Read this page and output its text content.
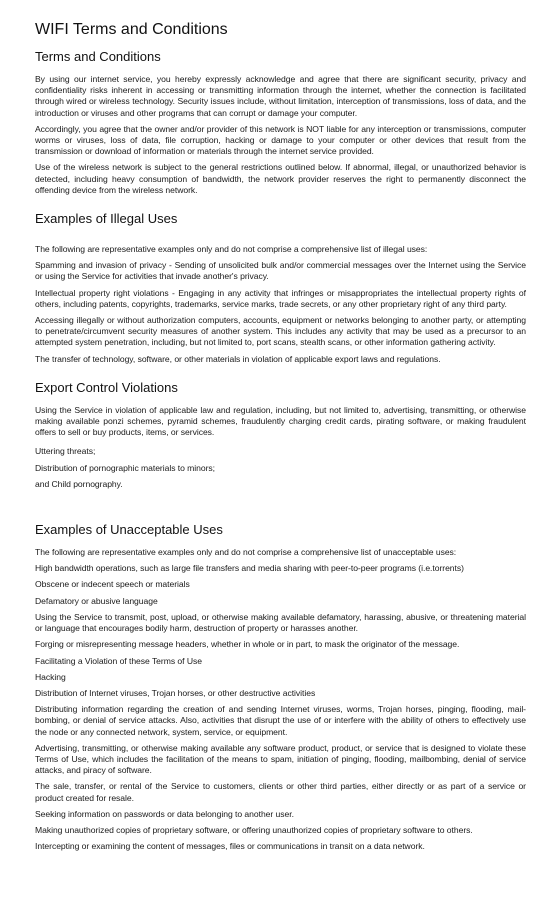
WIFI Terms and Conditions
Terms and Conditions

By using our internet service, you hereby expressly acknowledge and agree that there are significant security, privacy and confidentiality risks inherent in accessing or transmitting information through the internet, whether the connection is facilitated through wired or wireless technology. Security issues include, without limitation, interception of transmissions, loss of data, and the introduction or viruses and other programs that can corrupt or damage your computer.

Accordingly, you agree that the owner and/or provider of this network is NOT liable for any interception or transmissions, computer worms or viruses, loss of data, file corruption, hacking or damage to your computer or other devices that result from the transmission or download of information or materials through the internet service provided.

Use of the wireless network is subject to the general restrictions outlined below. If abnormal, illegal, or unauthorized behavior is detected, including heavy consumption of bandwidth, the network provider reserves the right to permanently disconnect the offending device from the wireless network.

Examples of Illegal Uses

The following are representative examples only and do not comprise a comprehensive list of illegal uses:

Spamming and invasion of privacy - Sending of unsolicited bulk and/or commercial messages over the Internet using the Service or using the Service for activities that invade another's privacy.

Intellectual property right violations - Engaging in any activity that infringes or misappropriates the intellectual property rights of others, including patents, copyrights, trademarks, service marks, trade secrets, or any other proprietary right of any third party.

Accessing illegally or without authorization computers, accounts, equipment or networks belonging to another party, or attempting to penetrate/circumvent security measures of another system. This includes any activity that may be used as a precursor to an attempted system penetration, including, but not limited to, port scans, stealth scans, or other information gathering activity.

The transfer of technology, software, or other materials in violation of applicable export laws and regulations.

Export Control Violations

Using the Service in violation of applicable law and regulation, including, but not limited to, advertising, transmitting, or otherwise making available ponzi schemes, pyramid schemes, fraudulently charging credit cards, pirating software, or making fraudulent offers to sell or buy products, items, or services.

Uttering threats;

Distribution of pornographic materials to minors;

and Child pornography.

Examples of Unacceptable Uses

The following are representative examples only and do not comprise a comprehensive list of unacceptable uses:

High bandwidth operations, such as large file transfers and media sharing with peer-to-peer programs (i.e.torrents)

Obscene or indecent speech or materials

Defamatory or abusive language

Using the Service to transmit, post, upload, or otherwise making available defamatory, harassing, abusive, or threatening material or language that encourages bodily harm, destruction of property or harasses another.

Forging or misrepresenting message headers, whether in whole or in part, to mask the originator of the message.

Facilitating a Violation of these Terms of Use

Hacking

Distribution of Internet viruses, Trojan horses, or other destructive activities

Distributing information regarding the creation of and sending Internet viruses, worms, Trojan horses, pinging, flooding, mail-bombing, or denial of service attacks. Also, activities that disrupt the use of or interfere with the ability of others to effectively use the node or any connected network, system, service, or equipment.

Advertising, transmitting, or otherwise making available any software product, product, or service that is designed to violate these Terms of Use, which includes the facilitation of the means to spam, initiation of pinging, flooding, mailbombing, denial of service attacks, and piracy of software.

The sale, transfer, or rental of the Service to customers, clients or other third parties, either directly or as part of a service or product created for resale.

Seeking information on passwords or data belonging to another user.

Making unauthorized copies of proprietary software, or offering unauthorized copies of proprietary software to others.

Intercepting or examining the content of messages, files or communications in transit on a data network.
